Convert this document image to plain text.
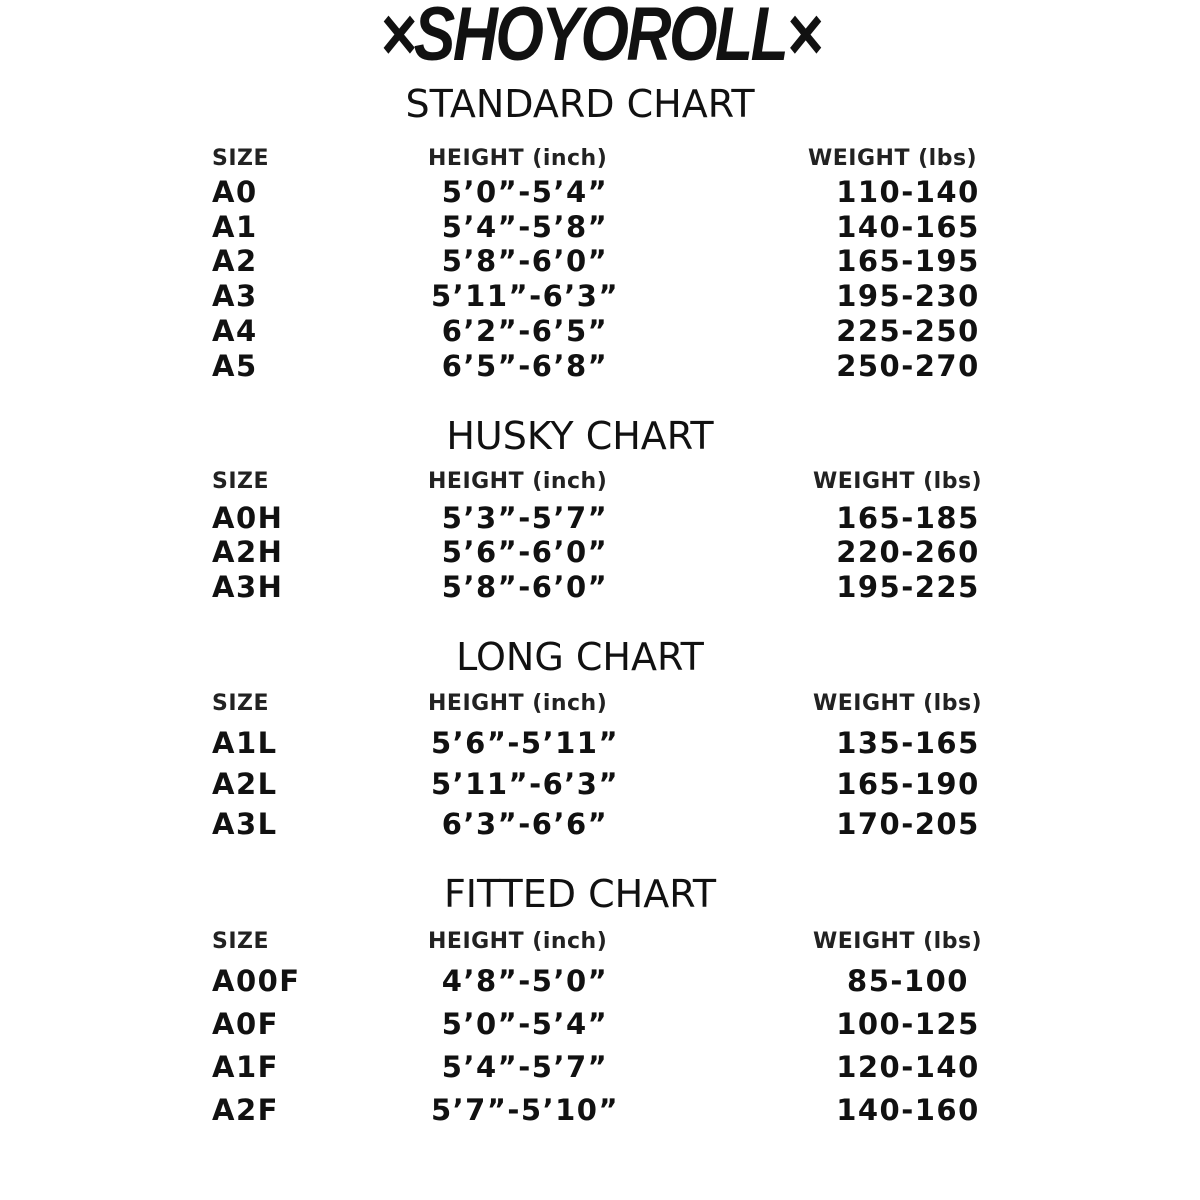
×SHOYOROLL×
STANDARD CHART
SIZE	HEIGHT (inch)	WEIGHT (lbs)
A0	5’0”-5’4”	110-140
A1	5’4”-5’8”	140-165
A2	5’8”-6’0”	165-195
A3	5’11”-6’3”	195-230
A4	6’2”-6’5”	225-250
A5	6’5”-6’8”	250-270
HUSKY CHART
SIZE	HEIGHT (inch)	WEIGHT (lbs)
A0H	5’3”-5’7”	165-185
A2H	5’6”-6’0”	220-260
A3H	5’8”-6’0”	195-225
LONG CHART
SIZE	HEIGHT (inch)	WEIGHT (lbs)
A1L	5’6”-5’11”	135-165
A2L	5’11”-6’3”	165-190
A3L	6’3”-6’6”	170-205
FITTED CHART
SIZE	HEIGHT (inch)	WEIGHT (lbs)
A00F	4’8”-5’0”	85-100
A0F	5’0”-5’4”	100-125
A1F	5’4”-5’7”	120-140
A2F	5’7”-5’10”	140-160
